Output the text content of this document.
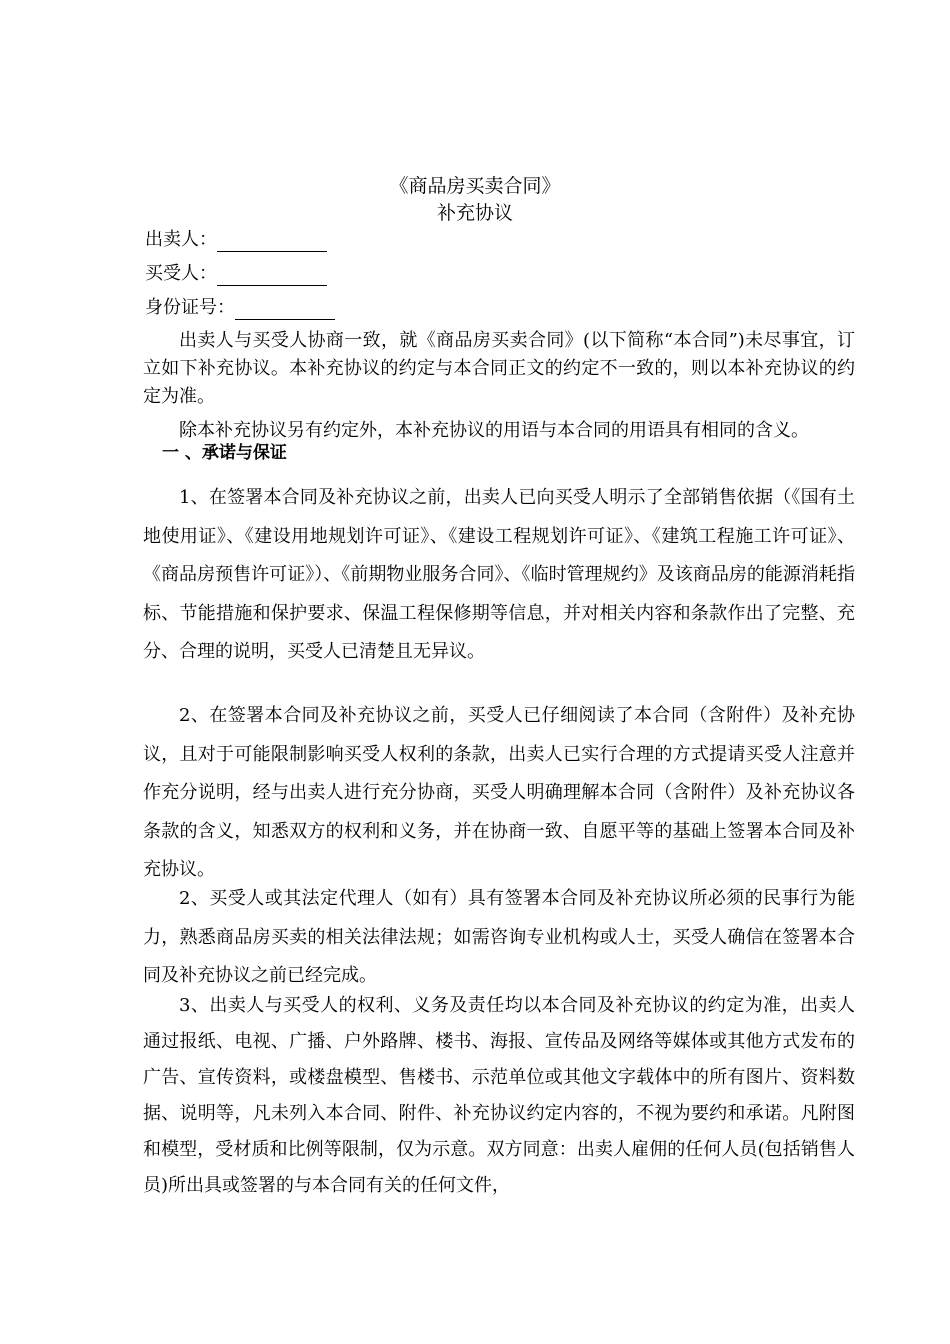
《商品房买卖合同》
补充协议
出卖人：
买受人：
身份证号：

出卖人与买受人协商一致，就《商品房买卖合同》(以下简称“本合同”)未尽事宜，订立如下补充协议。本补充协议的约定与本合同正文的约定不一致的，则以本补充协议的约定为准。

除本补充协议另有约定外，本补充协议的用语与本合同的用语具有相同的含义。

一 、承诺与保证

1、在签署本合同及补充协议之前，出卖人已向买受人明示了全部销售依据（《国有土地使用证》、《建设用地规划许可证》、《建设工程规划许可证》、《建筑工程施工许可证》、《商品房预售许可证》）、《前期物业服务合同》、《临时管理规约》及该商品房的能源消耗指标、节能措施和保护要求、保温工程保修期等信息，并对相关内容和条款作出了完整、充分、合理的说明，买受人已清楚且无异议。

2、在签署本合同及补充协议之前，买受人已仔细阅读了本合同（含附件）及补充协议，且对于可能限制影响买受人权利的条款，出卖人已实行合理的方式提请买受人注意并作充分说明，经与出卖人进行充分协商，买受人明确理解本合同（含附件）及补充协议各条款的含义，知悉双方的权利和义务，并在协商一致、自愿平等的基础上签署本合同及补充协议。

2、买受人或其法定代理人（如有）具有签署本合同及补充协议所必须的民事行为能力，熟悉商品房买卖的相关法律法规；如需咨询专业机构或人士，买受人确信在签署本合同及补充协议之前已经完成。

3、出卖人与买受人的权利、义务及责任均以本合同及补充协议的约定为准，出卖人通过报纸、电视、广播、户外路牌、楼书、海报、宣传品及网络等媒体或其他方式发布的广告、宣传资料，或楼盘模型、售楼书、示范单位或其他文字载体中的所有图片、资料数据、说明等，凡未列入本合同、附件、补充协议约定内容的，不视为要约和承诺。凡附图和模型，受材质和比例等限制，仅为示意。双方同意：出卖人雇佣的任何人员(包括销售人员)所出具或签署的与本合同有关的任何文件，
